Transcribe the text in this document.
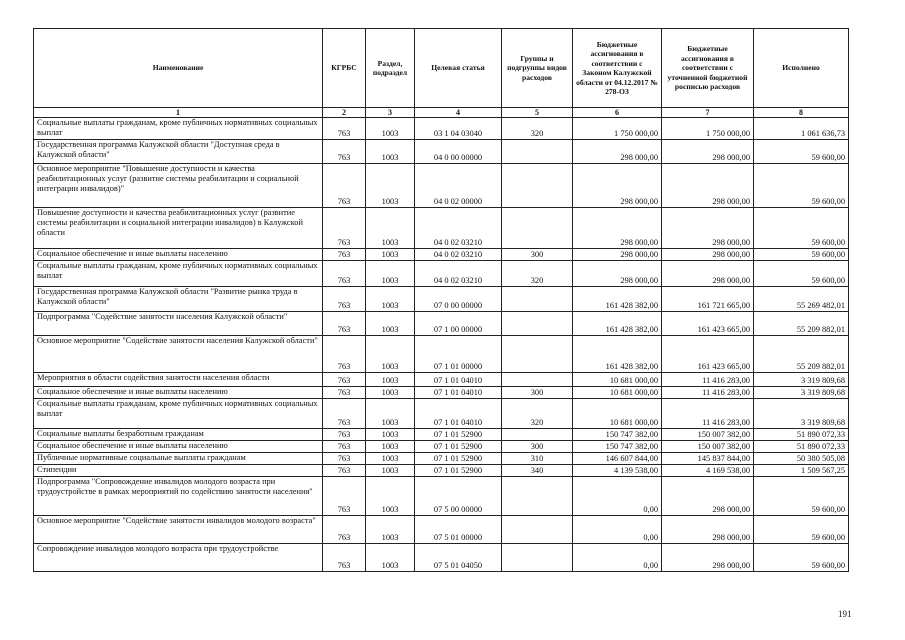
Наименование	КГРБС	Раздел, подраздел	Целевая статья	Группы и подгруппы видов расходов	Бюджетные ассигнования в соответствии с Законом Калужской области от 04.12.2017 № 278-ОЗ	Бюджетные ассигнования в соответствии с уточненной бюджетной росписью расходов	Исполнено
1	2	3	4	5	6	7	8
Социальные выплаты гражданам, кроме публичных нормативных социальных выплат	763	1003	03 1 04 03040	320	1 750 000,00	1 750 000,00	1 061 636,73
Государственная программа Калужской области "Доступная среда в Калужской области"	763	1003	04 0 00 00000		298 000,00	298 000,00	59 600,00
Основное мероприятие "Повышение доступности и качества реабилитационных услуг (развитие системы реабилитации и социальной интеграции инвалидов)"	763	1003	04 0 02 00000		298 000,00	298 000,00	59 600,00
Повышение доступности и качества реабилитационных услуг (развитие системы реабилитации и социальной интеграции инвалидов) в Калужской области	763	1003	04 0 02 03210		298 000,00	298 000,00	59 600,00
Социальное обеспечение и иные выплаты населению	763	1003	04 0 02 03210	300	298 000,00	298 000,00	59 600,00
Социальные выплаты гражданам, кроме публичных нормативных социальных выплат	763	1003	04 0 02 03210	320	298 000,00	298 000,00	59 600,00
Государственная программа Калужской области "Развитие рынка труда в Калужской области"	763	1003	07 0 00 00000		161 428 382,00	161 721 665,00	55 269 482,01
Подпрограмма "Содействие занятости населения Калужской области"	763	1003	07 1 00 00000		161 428 382,00	161 423 665,00	55 209 882,01
Основное мероприятие "Содействие занятости населения Калужской области"	763	1003	07 1 01 00000		161 428 382,00	161 423 665,00	55 209 882,01
Мероприятия в области содействия занятости населения области	763	1003	07 1 01 04010		10 681 000,00	11 416 283,00	3 319 809,68
Социальное обеспечение и иные выплаты населению	763	1003	07 1 01 04010	300	10 681 000,00	11 416 283,00	3 319 809,68
Социальные выплаты гражданам, кроме публичных нормативных социальных выплат	763	1003	07 1 01 04010	320	10 681 000,00	11 416 283,00	3 319 809,68
Социальные выплаты безработным гражданам	763	1003	07 1 01 52900		150 747 382,00	150 007 382,00	51 890 072,33
Социальное обеспечение и иные выплаты населению	763	1003	07 1 01 52900	300	150 747 382,00	150 007 382,00	51 890 072,33
Публичные нормативные социальные выплаты гражданам	763	1003	07 1 01 52900	310	146 607 844,00	145 837 844,00	50 380 505,08
Стипендии	763	1003	07 1 01 52900	340	4 139 538,00	4 169 538,00	1 509 567,25
Подпрограмма "Сопровождение инвалидов молодого возраста при трудоустройстве в рамках мероприятий по содействию занятости населения"	763	1003	07 5 00 00000		0,00	298 000,00	59 600,00
Основное мероприятие "Содействие занятости инвалидов молодого возраста"	763	1003	07 5 01 00000		0,00	298 000,00	59 600,00
Сопровождение инвалидов молодого возраста при трудоустройстве	763	1003	07 5 01 04050		0,00	298 000,00	59 600,00
191
